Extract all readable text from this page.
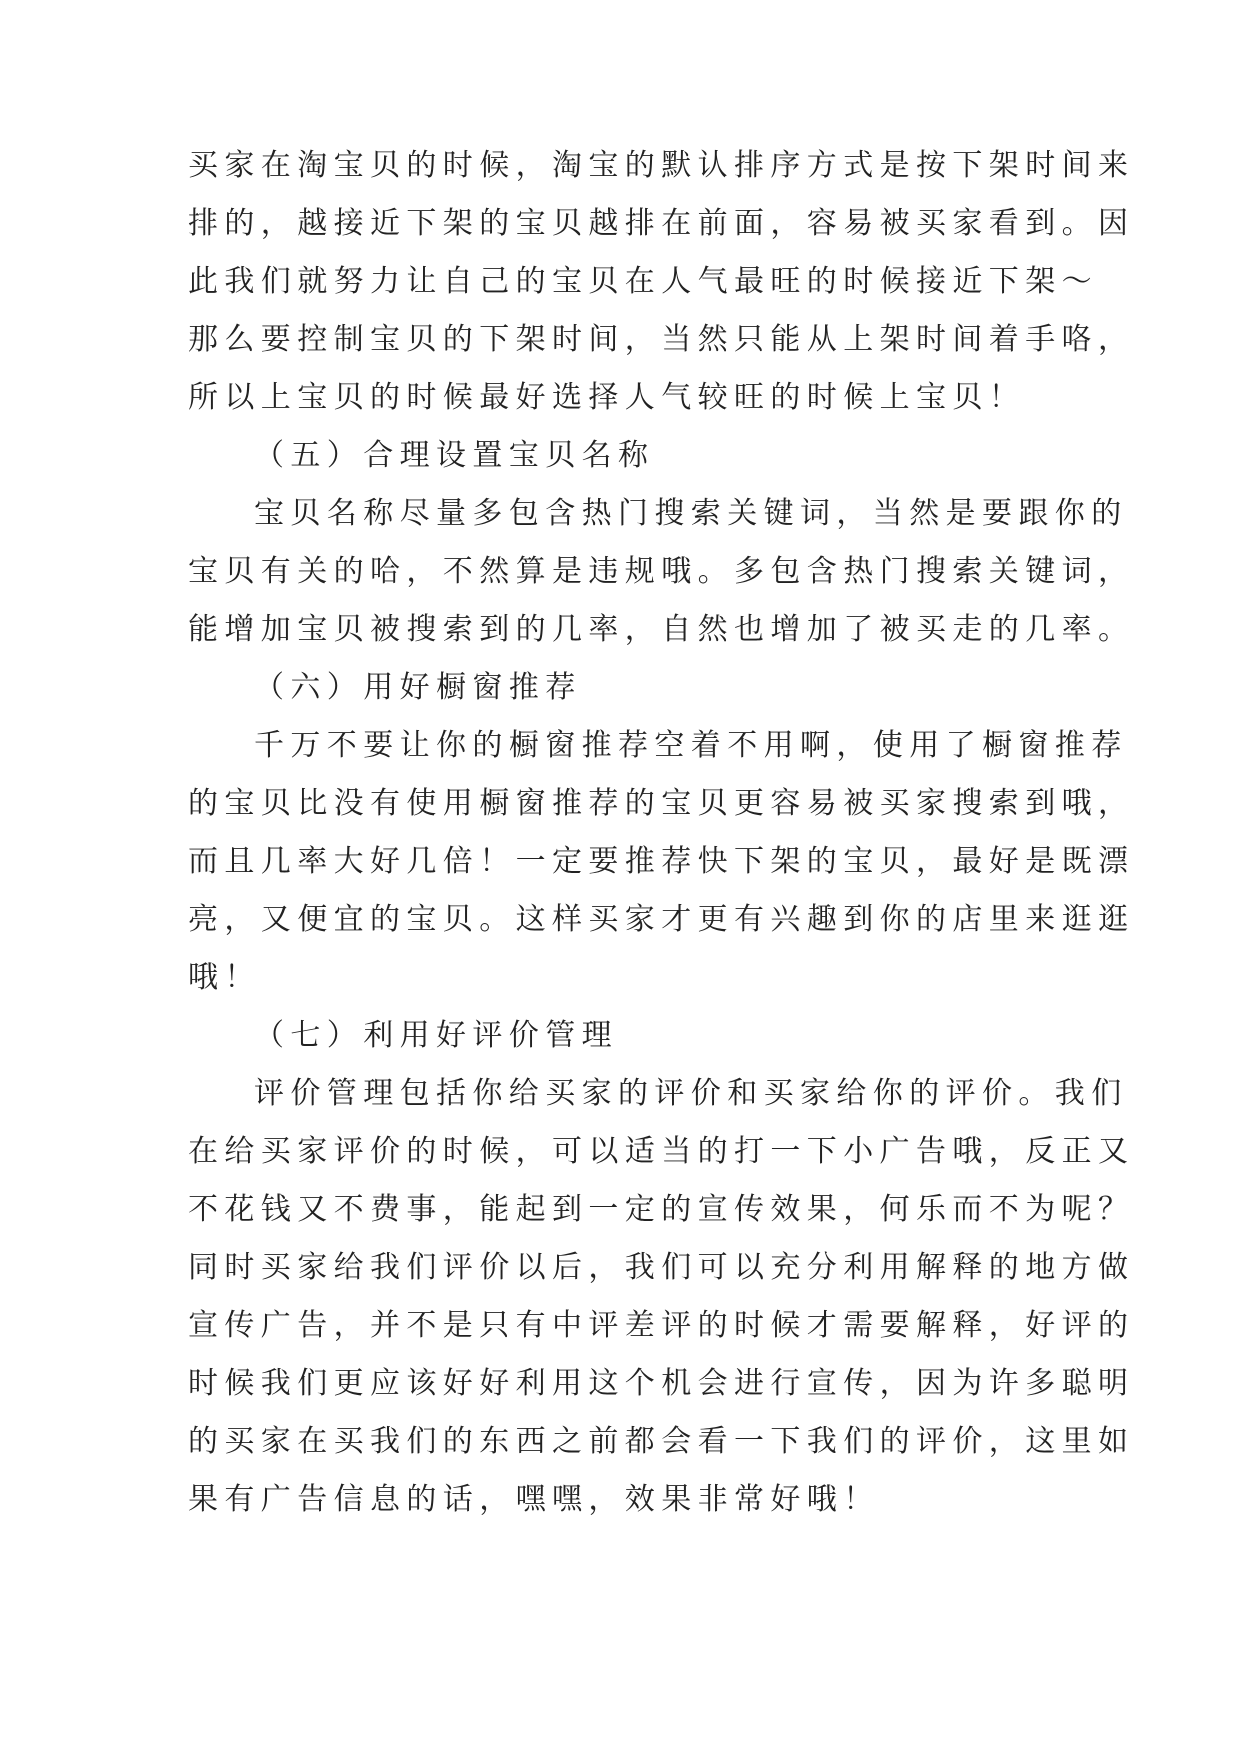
买家在淘宝贝的时候，淘宝的默认排序方式是按下架时间来
排的，越接近下架的宝贝越排在前面，容易被买家看到。因
此我们就努力让自己的宝贝在人气最旺的时候接近下架～
那么要控制宝贝的下架时间，当然只能从上架时间着手咯，
所以上宝贝的时候最好选择人气较旺的时候上宝贝！
（五）合理设置宝贝名称
宝贝名称尽量多包含热门搜索关键词，当然是要跟你的
宝贝有关的哈，不然算是违规哦。多包含热门搜索关键词，
能增加宝贝被搜索到的几率，自然也增加了被买走的几率。
（六）用好橱窗推荐
千万不要让你的橱窗推荐空着不用啊，使用了橱窗推荐
的宝贝比没有使用橱窗推荐的宝贝更容易被买家搜索到哦，
而且几率大好几倍！一定要推荐快下架的宝贝，最好是既漂
亮，又便宜的宝贝。这样买家才更有兴趣到你的店里来逛逛
哦！
（七）利用好评价管理
评价管理包括你给买家的评价和买家给你的评价。我们
在给买家评价的时候，可以适当的打一下小广告哦，反正又
不花钱又不费事，能起到一定的宣传效果，何乐而不为呢？
同时买家给我们评价以后，我们可以充分利用解释的地方做
宣传广告，并不是只有中评差评的时候才需要解释，好评的
时候我们更应该好好利用这个机会进行宣传，因为许多聪明
的买家在买我们的东西之前都会看一下我们的评价，这里如
果有广告信息的话，嘿嘿，效果非常好哦！
